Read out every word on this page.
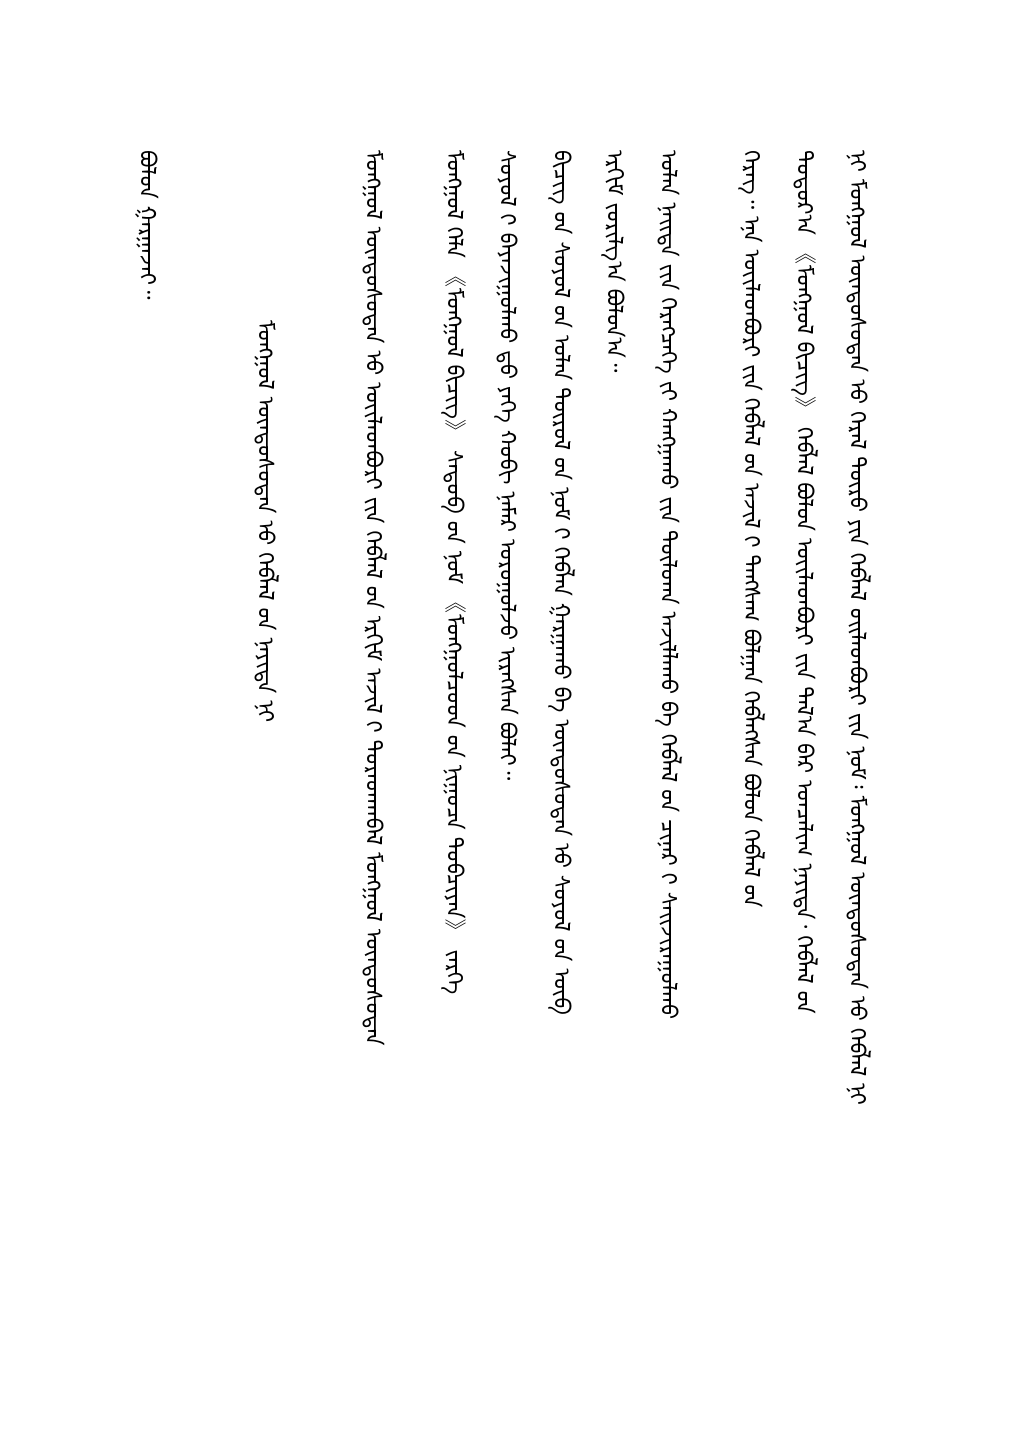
ᠨᠢ ᠮᠣᠩᠭᠣᠯ ᠦᠨᠳᠦᠰᠦᠲᠡᠨ ᠦ᠋ ᠭᠡᠷᠡᠯ ᠲᠦᠷᠦ ᠶᠢᠨ ᠬᠡᠪᠯᠡᠯ ᠦ᠋ᠢᠯᠡᠳᠪᠦᠷᠢ ᠶ᠋ᠢᠨ ᠨᠣᠮ᠄ ᠮᠣᠩᠭᠣᠯ ᠦᠨᠳᠦᠰᠦᠲᠡᠨ ᠦ᠋ ᠬᠡᠪᠯᠡᠯ ᠨᠢ
ᠳᠣᠲᠣᠷ᠎ᠠ 《ᠮᠣᠩᠭᠣᠯ ᠪᠢᠴᠢᠭ᠌》 ᠬᠡᠪᠯᠡᠯ ᠪᠣᠯᠤᠨ ᠦᠢᠯᠡᠳᠪᠦᠷᠢ ᠶ᠋ᠢᠨ ᠲᠠᠯ᠎ᠠ ᠪᠠᠷ ᠣᠨᠴᠠᠯᠢᠭ ᠨᠡᠶᠢᠲᠡ᠂ ᠬᠡᠪᠯᠡᠯ ᠦ᠋ᠨ
ᠬᠡᠷᠡᠭ᠃ ᠡᠨᠡ ᠦᠢᠯᠡᠳᠪᠦᠷᠢ ᠶ᠋ᠢᠨ ᠬᠡᠪᠯᠡᠯ ᠦ᠋ᠨ ᠠᠵᠢᠯ ᠢ᠋ ᠲᠠᠩᠰᠠᠭ ᠪᠣᠯᠭᠠᠨ ᠬᠡᠪᠯᠡᠭᠰᠡᠨ ᠪᠣᠯᠤᠨ ᠬᠡᠪᠯᠡᠯ ᠦ᠋ᠨ
ᠣᠯᠠᠨ ᠨᠡᠢᠲᠡ ᠶ᠋ᠢᠨ ᠬᠡᠷᠡᠭᠴᠡᠭᠡ ᠶ᠋ᠢ ᠬᠠᠩᠭᠠᠬᠤ ᠶ᠋ᠢᠨ ᠲᠥᠯᠥᠭ᠍ᠡ ᠠᠵᠢᠯᠯᠠᠬᠤ ᠪᠠ ᠬᠡᠪᠯᠡᠯ ᠦ᠋ᠨ ᠴᠢᠨᠠᠷ ᠢ᠋ ᠰᠠᠢᠵᠢᠷᠠᠭᠤᠯᠬᠤ
ᠡᠷᠬᠢᠮ ᠵᠣᠷᠢᠯᠭ᠎ᠠ ᠪᠣᠯᠤᠨ᠎ᠠ᠃
ᠪᠢᠴᠢᠭ ᠦ᠋ᠨ ᠰᠣᠶᠣᠯ ᠤ᠋ᠨ ᠣᠯᠠᠨ ᠲᠥᠷᠦᠯ ᠦ᠋ᠨ ᠨᠣᠮ ᠢ᠋ ᠬᠡᠪᠯᠡᠨ ᠭᠠᠷᠭᠠᠬᠤ ᠪᠠ ᠦᠨᠳᠦᠰᠦᠲᠡᠨ ᠦ᠋ ᠰᠣᠶᠣᠯ ᠤ᠋ᠨ ᠥᠪ
ᠰᠣᠶᠣᠯ ᠢ᠋ ᠪᠠᠶᠠᠵᠢᠭᠤᠯᠬᠤ ᠳ᠋ᠤ ᠶᠡᠬᠡ ᠬᠤᠪᠢ ᠨᠡᠮᠡᠷ ᠣᠷᠤᠭᠤᠯᠵᠤ ᠢᠷᠡᠭᠰᠡᠨ ᠪᠣᠯᠠᠢ᠃
ᠮᠣᠩᠭᠣᠯ ᠬᠡᠯᠡ 《ᠮᠣᠩᠭᠣᠯ ᠪᠢᠴᠢᠭ᠌》 ᠰᠡᠳᠦᠪ ᠦ᠋ᠨ ᠨᠣᠮ 《ᠮᠣᠩᠭᠣᠯᠴᠤᠳ ᠤ᠋ᠨ ᠨᠢᠭᠤᠴᠠ ᠲᠣᠪᠴᠢᠶᠠᠨ》 ᠵᠡᠷᠭᠡ
ᠮᠣᠩᠭᠣᠯ ᠦᠨᠳᠦᠰᠦᠲᠡᠨ ᠦ᠋ ᠦᠢᠯᠡᠳᠪᠦᠷᠢ ᠶ᠋ᠢᠨ ᠬᠡᠪᠯᠡᠯ ᠦ᠋ᠨ ᠡᠷᠬᠢᠮ ᠠᠵᠢᠯ ᠢ᠋ ᠳᠤᠷᠠᠳᠬᠠᠪᠠᠯ ᠮᠣᠩᠭᠣᠯ ᠦᠨᠳᠦᠰᠦᠲᠡᠨ
ᠮᠣᠩᠭᠣᠯ ᠦᠨᠳᠦᠰᠦᠲᠡᠨ ᠦ᠋ ᠬᠡᠪᠯᠡᠯ ᠦ᠋ᠨ ᠨᠡᠶᠢᠲᠡ ᠨᠢ
ᠪᠣᠯᠤᠨ ᠭᠠᠷᠭᠠᠵᠠᠢ᠃
